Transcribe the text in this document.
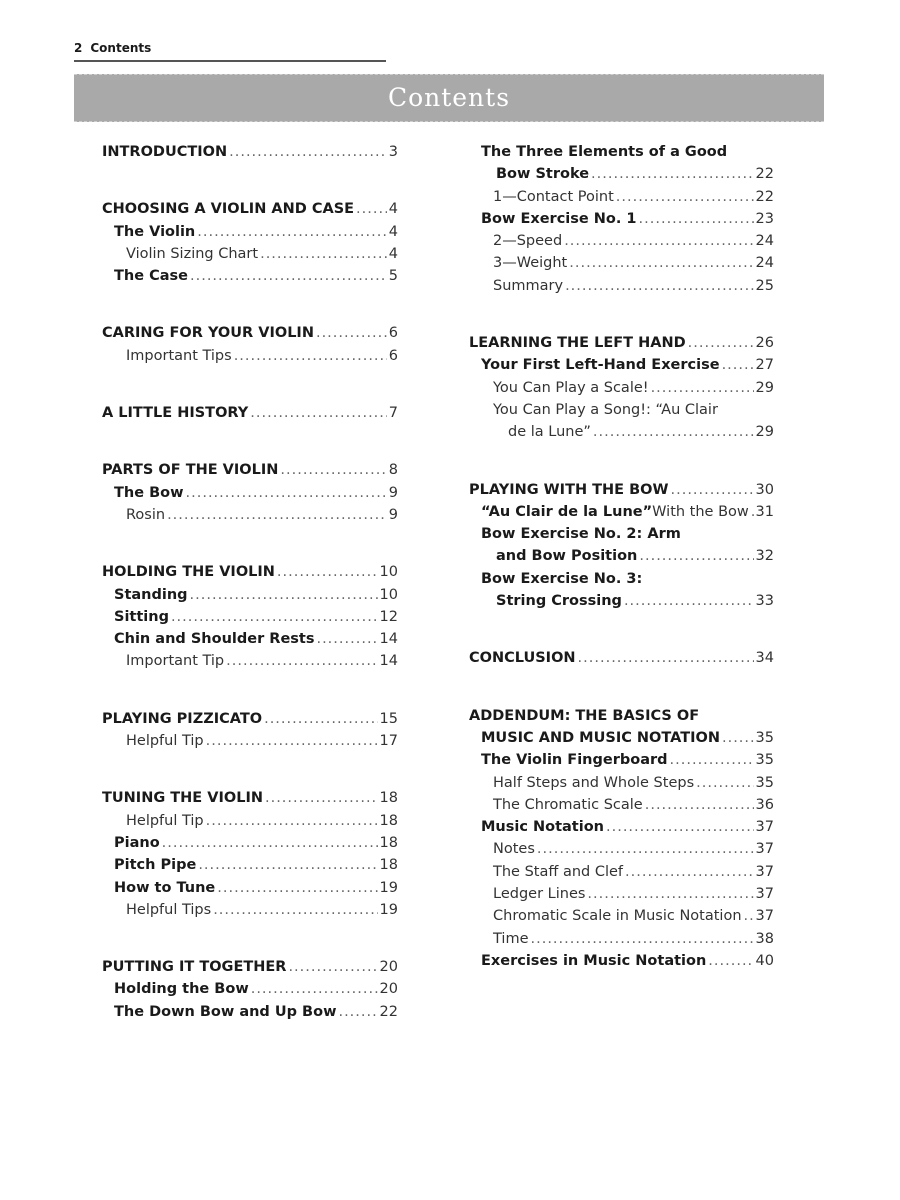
2 Contents
Contents
INTRODUCTION .....	3
CHOOSING A VIOLIN AND CASE ..... 4
The Violin .....	4
Violin Sizing Chart .....	4
The Case .....	5
CARING FOR YOUR VIOLIN .....	6
Important Tips .....	6
A LITTLE HISTORY .....	7
PARTS OF THE VIOLIN .....	8
The Bow .....	9
Rosin .....	9
HOLDING THE VIOLIN .....	10
Standing .....	10
Sitting .....	12
Chin and Shoulder Rests .....	14
Important Tip .....	14
PLAYING PIZZICATO .....	15
Helpful Tip .....	17
TUNING THE VIOLIN .....	18
Helpful Tip .....	18
Piano .....	18
Pitch Pipe .....	18
How to Tune .....	19
Helpful Tips .....	19
PUTTING IT TOGETHER .....	20
Holding the Bow .....	20
The Down Bow and Up Bow .....	22
The Three Elements of a Good
Bow Stroke .....	22
1—Contact Point .....	22
Bow Exercise No. 1 .....	23
2—Speed .....	24
3—Weight .....	24
Summary .....	25
LEARNING THE LEFT HAND .....	26
Your First Left-Hand Exercise ..... 27
You Can Play a Scale! .....	29
You Can Play a Song!: “Au Clair
de la Lune” .....	29
PLAYING WITH THE BOW .....	30
“Au Clair de la Lune” With the Bow ..... 31
Bow Exercise No. 2: Arm
and Bow Position .....	32
Bow Exercise No. 3:
String Crossing .....	33
CONCLUSION .....	34
ADDENDUM: THE BASICS OF
MUSIC AND MUSIC NOTATION ..... 35
The Violin Fingerboard .....	35
Half Steps and Whole Steps .....	35
The Chromatic Scale .....	36
Music Notation .....	37
Notes .....	37
The Staff and Clef .....	37
Ledger Lines .....	37
Chromatic Scale in Music Notation ..... 37
Time .....	38
Exercises in Music Notation .....	40
